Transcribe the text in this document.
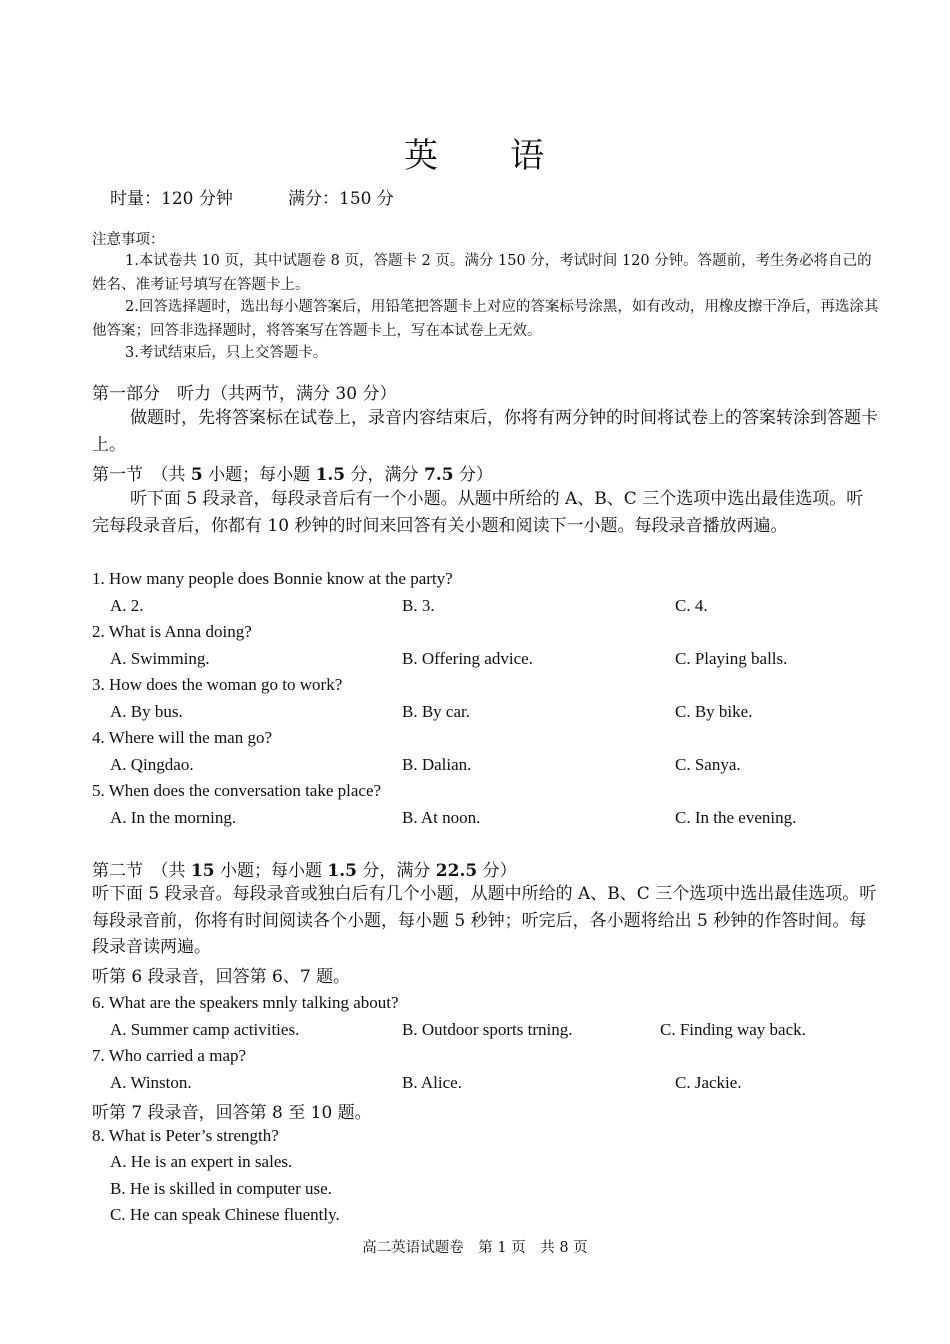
英 语
时量：120 分钟	满分：150 分
注意事项：
1.本试卷共 10 页，其中试题卷 8 页，答题卡 2 页。满分 150 分，考试时间 120 分钟。答题前，考生务必将自己的姓名、准考证号填写在答题卡上。
2.回答选择题时，选出每小题答案后，用铅笔把答题卡上对应的答案标号涂黑，如有改动，用橡皮擦干净后，再选涂其他答案；回答非选择题时，将答案写在答题卡上，写在本试卷上无效。
3.考试结束后，只上交答题卡。
第一部分　听力（共两节，满分 30 分）
做题时，先将答案标在试卷上，录音内容结束后，你将有两分钟的时间将试卷上的答案转涂到答题卡上。
第一节　（共 5 小题；每小题 1.5 分，满分 7.5 分）
听下面 5 段录音，每段录音后有一个小题。从题中所给的 A、B、C 三个选项中选出最佳选项。听完每段录音后，你都有 10 秒钟的时间来回答有关小题和阅读下一小题。每段录音播放两遍。
1. How many people does Bonnie know at the party?
A. 2.	B. 3.	C. 4.
2. What is Anna doing?
A. Swimming.	B. Offering advice.	C. Playing balls.
3. How does the woman go to work?
A. By bus.	B. By car.	C. By bike.
4. Where will the man go?
A. Qingdao.	B. Dalian.	C. Sanya.
5. When does the conversation take place?
A. In the morning.	B. At noon.	C. In the evening.
第二节　（共 15 小题；每小题 1.5 分，满分 22.5 分）
听下面 5 段录音。每段录音或独白后有几个小题，从题中所给的 A、B、C 三个选项中选出最佳选项。听每段录音前，你将有时间阅读各个小题，每小题 5 秒钟；听完后，各小题将给出 5 秒钟的作答时间。每段录音读两遍。
听第 6 段录音，回答第 6、7 题。
6. What are the speakers mnly talking about?
A. Summer camp activities.	B. Outdoor sports trning.	C. Finding way back.
7. Who carried a map?
A. Winston.	B. Alice.	C. Jackie.
听第 7 段录音，回答第 8 至 10 题。
8. What is Peter’s strength?
A. He is an expert in sales.
B. He is skilled in computer use.
C. He can speak Chinese fluently.
高二英语试题卷　第 1 页　共 8 页
